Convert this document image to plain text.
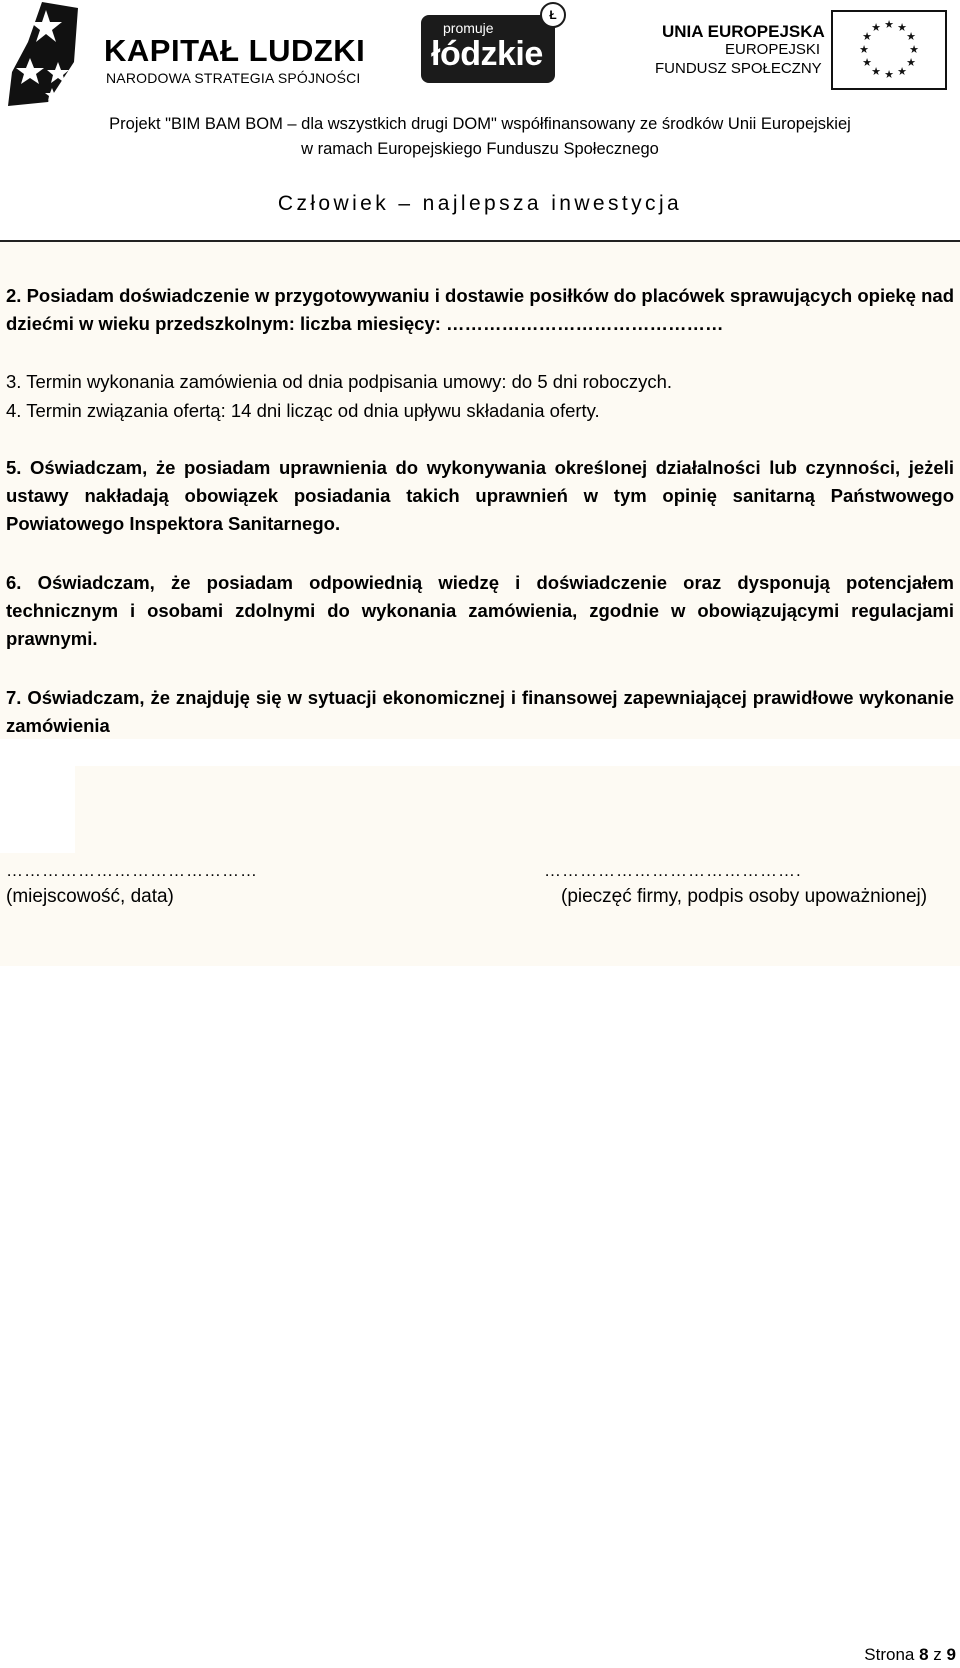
KAPITAŁ LUDZKI
NARODOWA STRATEGIA SPÓJNOŚCI
promuje
łódzkie
Ł
UNIA EUROPEJSKA
EUROPEJSKI
FUNDUSZ SPOŁECZNY
★ ★
★
★
★
★
★
★
★
★
★
★
Projekt "BIM BAM BOM – dla wszystkich drugi DOM" współfinansowany ze środków Unii Europejskiej
w ramach Europejskiego Funduszu Społecznego
Człowiek – najlepsza inwestycja
2. Posiadam doświadczenie w przygotowywaniu i dostawie posiłków do placówek sprawujących opiekę nad dziećmi w wieku przedszkolnym: liczba miesięcy: ………………………………………
3. Termin wykonania zamówienia od dnia podpisania umowy: do 5 dni roboczych.
4. Termin związania ofertą: 14 dni licząc od dnia upływu składania oferty.
5. Oświadczam, że posiadam uprawnienia do wykonywania określonej działalności lub czynności, jeżeli ustawy nakładają obowiązek posiadania takich uprawnień w tym opinię sanitarną Państwowego Powiatowego Inspektora Sanitarnego.
6. Oświadczam, że posiadam odpowiednią wiedzę i doświadczenie oraz dysponują potencjałem technicznym i osobami zdolnymi do wykonania zamówienia, zgodnie w obowiązującymi regulacjami prawnymi.
7. Oświadczam, że znajduję się w sytuacji ekonomicznej i finansowej zapewniającej prawidłowe wykonanie zamówienia
……………………………………
(miejscowość, data)
…………………………………….
(pieczęć firmy, podpis osoby upoważnionej)
Strona 8 z 9
